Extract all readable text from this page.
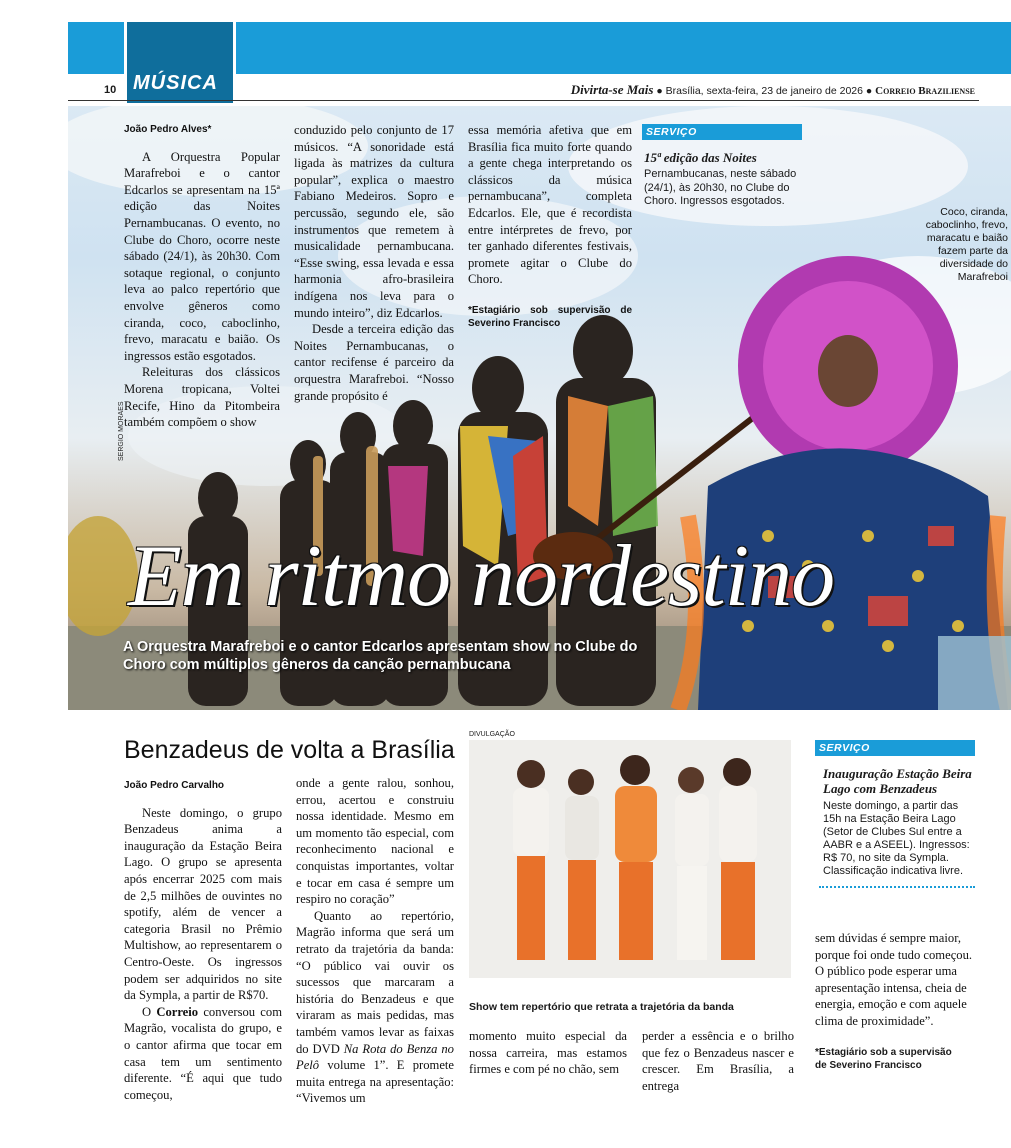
MÚSICA
10	Divirta-se Mais ● Brasília, sexta-feira, 23 de janeiro de 2026 ● Correio Braziliense
João Pedro Alves*
A Orquestra Popular Marafreboi e o cantor Edcarlos se apresentam na 15ª edição das Noites Pernambucanas. O evento, no Clube do Choro, ocorre neste sábado (24/1), às 20h30. Com sotaque regional, o conjunto leva ao palco repertório que envolve gêneros como ciranda, coco, caboclinho, frevo, maracatu e baião. Os ingressos estão esgotados.
Releituras dos clássicos Morena tropicana, Voltei Recife, Hino da Pitombeira também compõem o show
conduzido pelo conjunto de 17 músicos. “A sonoridade está ligada às matrizes da cultura popular”, explica o maestro Fabiano Medeiros. Sopro e percussão, segundo ele, são instrumentos que remetem à musicalidade pernambucana. “Esse swing, essa levada e essa harmonia afro-brasileira indígena nos leva para o mundo inteiro”, diz Edcarlos.
Desde a terceira edição das Noites Pernambucanas, o cantor recifense é parceiro da orquestra Marafreboi. “Nosso grande propósito é
essa memória afetiva que em Brasília fica muito forte quando a gente chega interpretando os clássicos da música pernambucana”, completa Edcarlos. Ele, que é recordista entre intérpretes de frevo, por ter ganhado diferentes festivais, promete agitar o Clube do Choro.
*Estagiário sob supervisão de Severino Francisco
SERVIÇO
15ª edição das Noites
Pernambucanas, neste sábado (24/1), às 20h30, no Clube do Choro. Ingressos esgotados.
Coco, ciranda, caboclinho, frevo, maracatu e baião fazem parte da diversidade do Marafreboi
SERGIO MORAES
Em ritmo nordestino
A Orquestra Marafreboi e o cantor Edcarlos apresentam show no Clube do Choro com múltiplos gêneros da canção pernambucana
Benzadeus de volta a Brasília
João Pedro Carvalho
Neste domingo, o grupo Benzadeus anima a inauguração da Estação Beira Lago. O grupo se apresenta após encerrar 2025 com mais de 2,5 milhões de ouvintes no spotify, além de vencer a categoria Brasil no Prêmio Multishow, ao representarem o Centro-Oeste. Os ingressos podem ser adquiridos no site da Sympla, a partir de R$70.
O Correio conversou com Magrão, vocalista do grupo, e o cantor afirma que tocar em casa tem um sentimento diferente. “É aqui que tudo começou,
onde a gente ralou, sonhou, errou, acertou e construiu nossa identidade. Mesmo em um momento tão especial, com reconhecimento nacional e conquistas importantes, voltar e tocar em casa é sempre um respiro no coração”
Quanto ao repertório, Magrão informa que será um retrato da trajetória da banda: “O público vai ouvir os sucessos que marcaram a história do Benzadeus e que viraram as mais pedidas, mas também vamos levar as faixas do DVD Na Rota do Benza no Pelô volume 1”. E promete muita entrega na apresentação: “Vivemos um
DIVULGAÇÃO
Show tem repertório que retrata a trajetória da banda
momento muito especial da nossa carreira, mas estamos firmes e com pé no chão, sem
perder a essência e o brilho que fez o Benzadeus nascer e crescer. Em Brasília, a entrega
SERVIÇO
Inauguração Estação Beira Lago com Benzadeus
Neste domingo, a partir das 15h na Estação Beira Lago (Setor de Clubes Sul entre a AABR e a ASEEL). Ingressos: R$ 70, no site da Sympla. Classificação indicativa livre.
sem dúvidas é sempre maior, porque foi onde tudo começou. O público pode esperar uma apresentação intensa, cheia de energia, emoção e com aquele clima de proximidade”.
*Estagiário sob a supervisão de Severino Francisco
